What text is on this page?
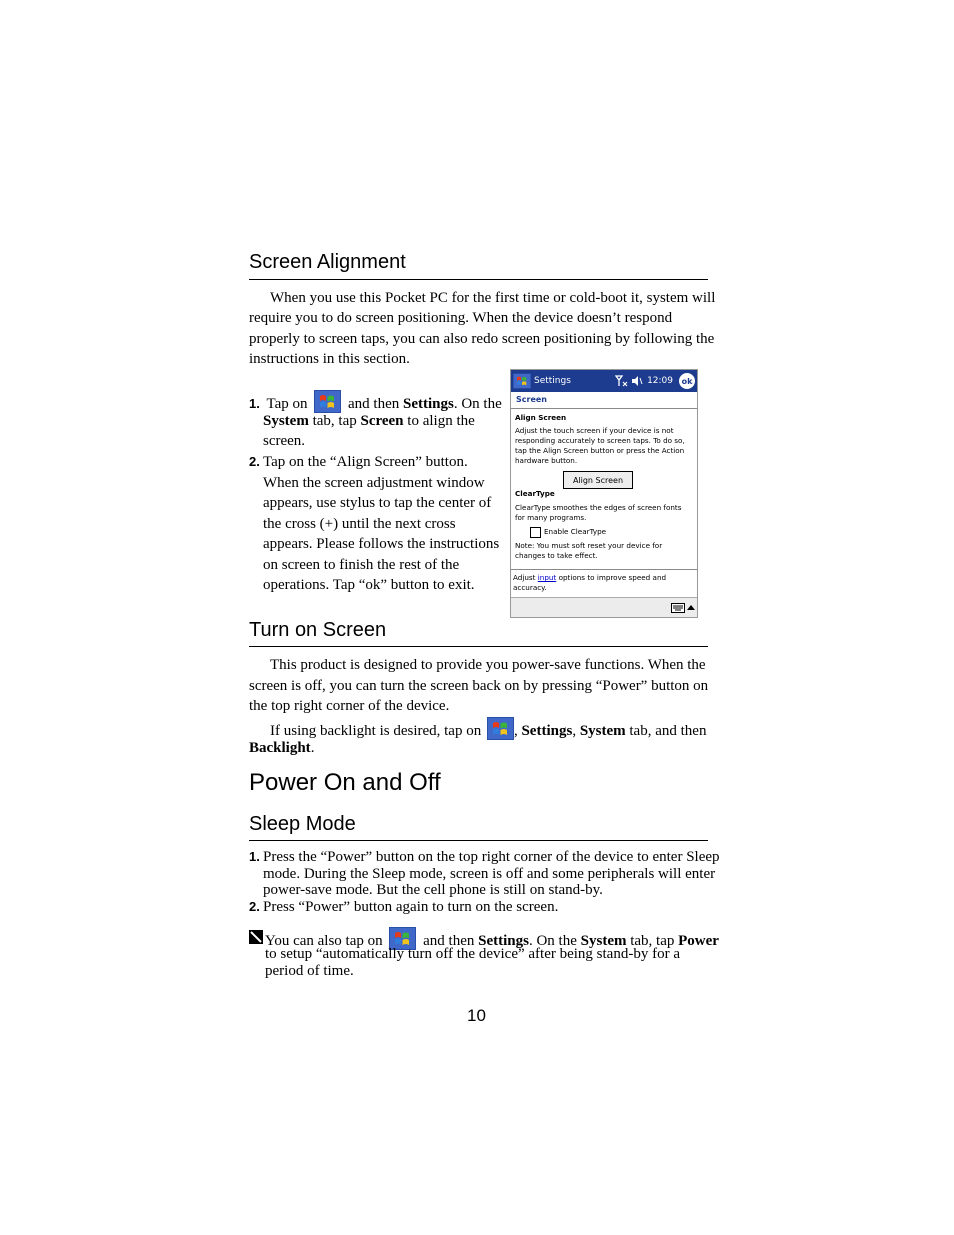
Screen Alignment
When you use this Pocket PC for the first time or cold-boot it, system will
require you to do screen positioning. When the device doesn’t respond
properly to screen taps, you can also redo screen positioning by following the
instructions in this section.
1. Tap on	and then Settings. On the
System tab, tap Screen to align the
screen.
2. Tap on the “Align Screen” button.
When the screen adjustment window
appears, use stylus to tap the center of
the cross (+) until the next cross
appears. Please follows the instructions
on screen to finish the rest of the
operations. Tap “ok” button to exit.
Settings	12:09	ok
Screen
Align Screen
Adjust the touch screen if your device is not
responding accurately to screen taps. To do so,
tap the Align Screen button or press the Action
hardware button.
Align Screen
ClearType
ClearType smoothes the edges of screen fonts
for many programs.
Enable ClearType
Note: You must soft reset your device for
changes to take effect.
Adjust input options to improve speed and
accuracy.
Turn on Screen
This product is designed to provide you power-save functions. When the
screen is off, you can turn the screen back on by pressing “Power” button on
the top right corner of the device.
If using backlight is desired, tap on , Settings, System tab, and then
Backlight.
Power On and Off
Sleep Mode
1. Press the “Power” button on the top right corner of the device to enter Sleep
mode. During the Sleep mode, screen is off and some peripherals will enter
power-save mode. But the cell phone is still on stand-by.
2. Press “Power” button again to turn on the screen.
You can also tap on	and then Settings. On the System tab, tap Power
to setup “automatically turn off the device” after being stand-by for a
period of time.
10
